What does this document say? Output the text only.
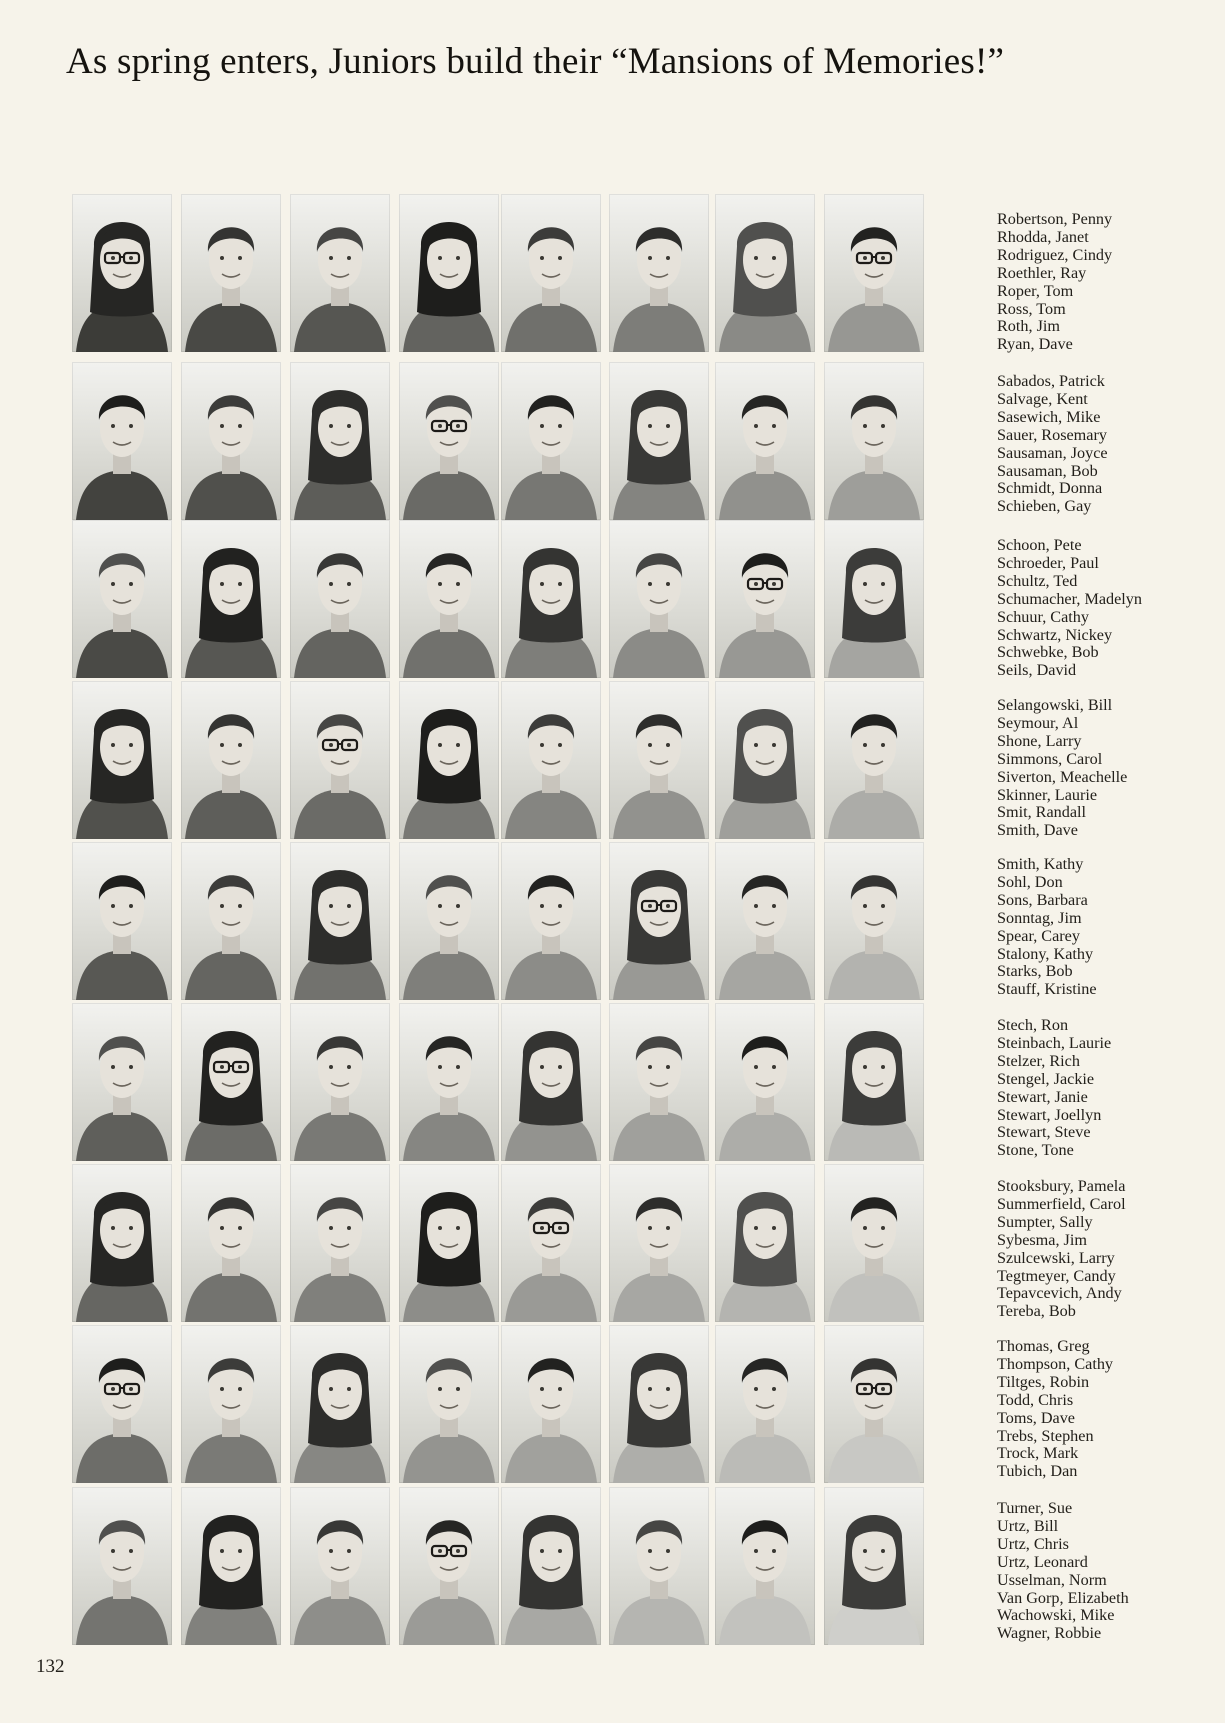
As spring enters, Juniors build their “Mansions of Memories!”
Robertson, Penny
Rhodda, Janet
Rodriguez, Cindy
Roethler, Ray
Roper, Tom
Ross, Tom
Roth, Jim
Ryan, Dave
Sabados, Patrick
Salvage, Kent
Sasewich, Mike
Sauer, Rosemary
Sausaman, Joyce
Sausaman, Bob
Schmidt, Donna
Schieben, Gay
Schoon, Pete
Schroeder, Paul
Schultz, Ted
Schumacher, Madelyn
Schuur, Cathy
Schwartz, Nickey
Schwebke, Bob
Seils, David
Selangowski, Bill
Seymour, Al
Shone, Larry
Simmons, Carol
Siverton, Meachelle
Skinner, Laurie
Smit, Randall
Smith, Dave
Smith, Kathy
Sohl, Don
Sons, Barbara
Sonntag, Jim
Spear, Carey
Stalony, Kathy
Starks, Bob
Stauff, Kristine
Stech, Ron
Steinbach, Laurie
Stelzer, Rich
Stengel, Jackie
Stewart, Janie
Stewart, Joellyn
Stewart, Steve
Stone, Tone
Stooksbury, Pamela
Summerfield, Carol
Sumpter, Sally
Sybesma, Jim
Szulcewski, Larry
Tegtmeyer, Candy
Tepavcevich, Andy
Tereba, Bob
Thomas, Greg
Thompson, Cathy
Tiltges, Robin
Todd, Chris
Toms, Dave
Trebs, Stephen
Trock, Mark
Tubich, Dan
Turner, Sue
Urtz, Bill
Urtz, Chris
Urtz, Leonard
Usselman, Norm
Van Gorp, Elizabeth
Wachowski, Mike
Wagner, Robbie
132
